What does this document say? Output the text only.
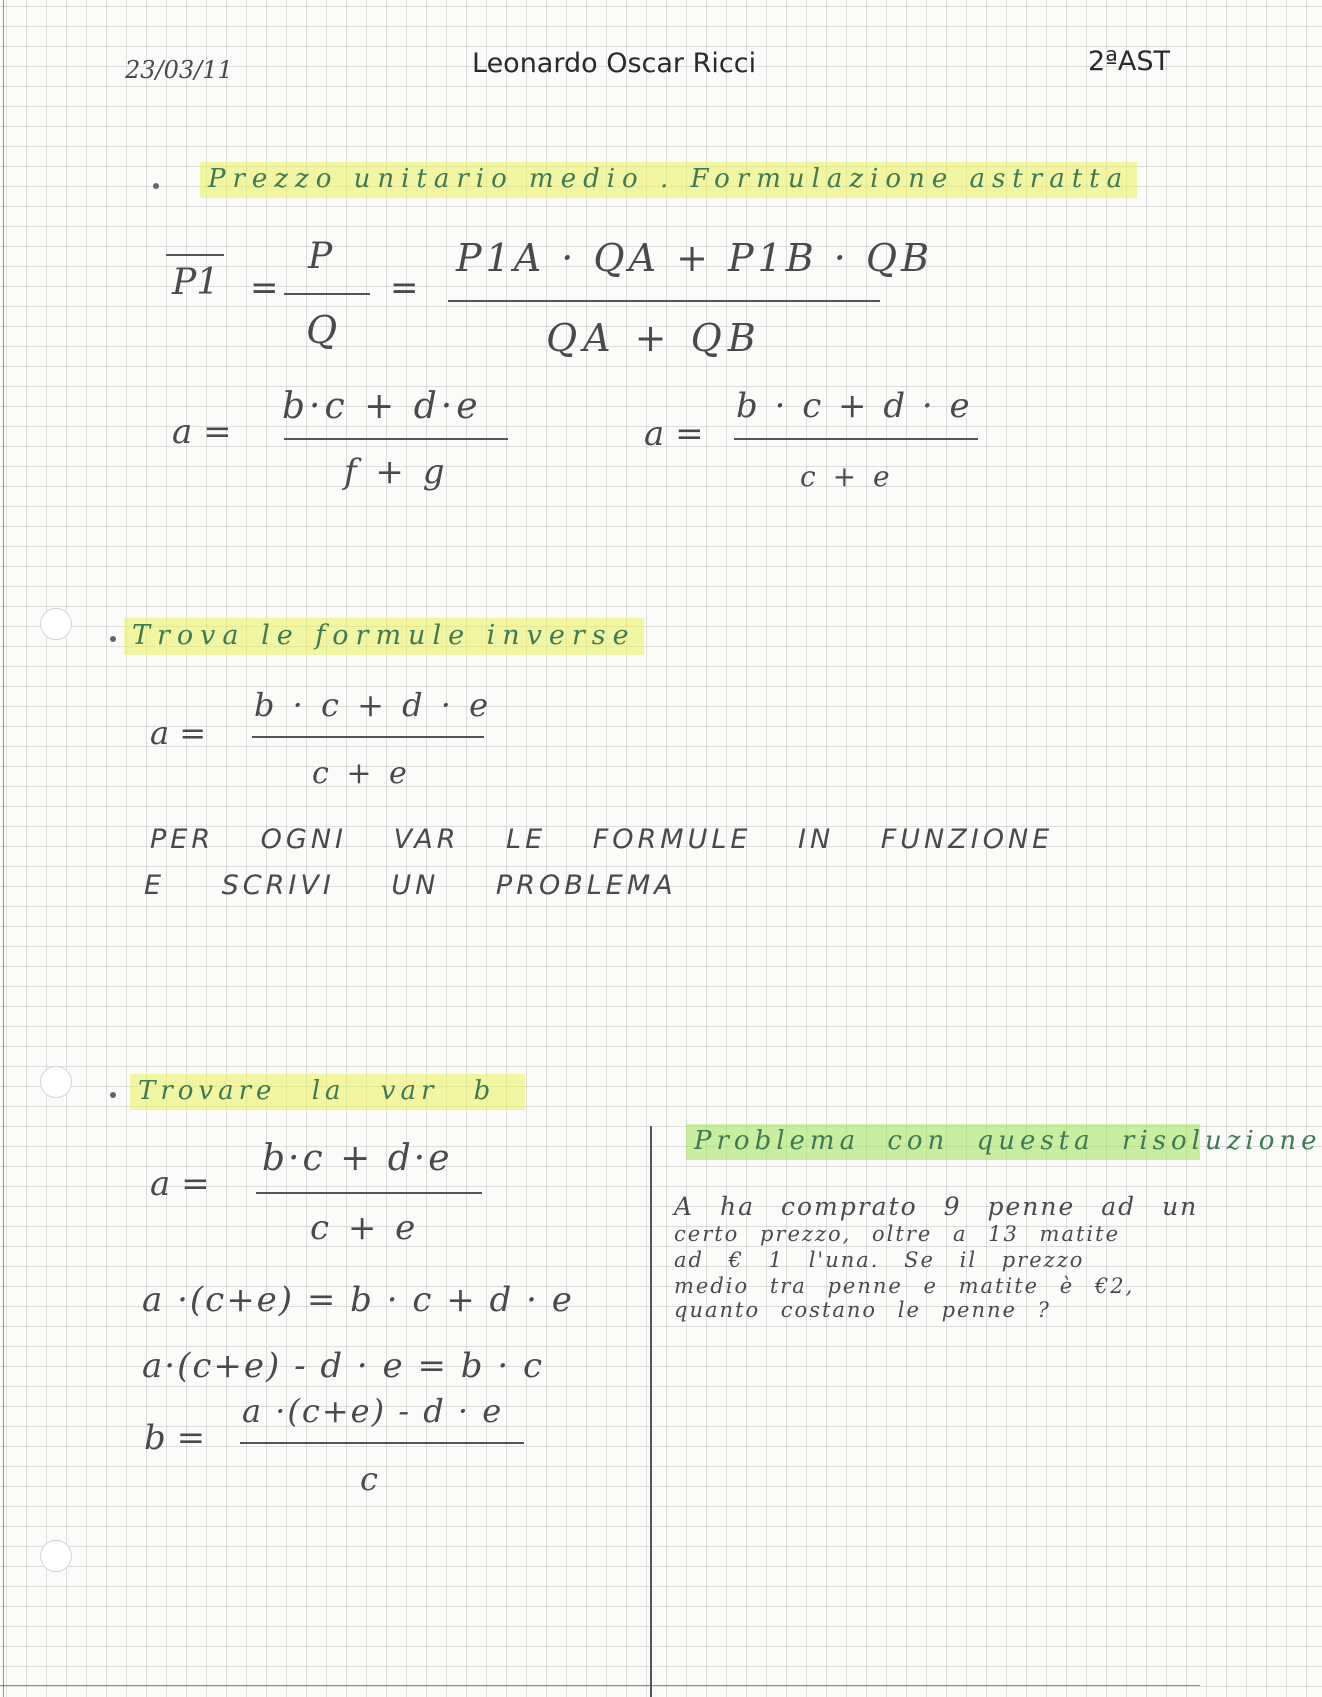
23/03/11	Leonardo Oscar Ricci	2ªAST
Prezzo unitario medio . Formulazione astratta
P1 =
P
Q
=
P1A · QA + P1B · QB
QA + QB
a =
b·c + d·e
f + g
a =
b · c + d · e
c + e
Trova le formule inverse
a =
b · c + d · e
c + e
PER OGNI VAR LE FORMULE IN FUNZIONE
E SCRIVI UN PROBLEMA
Trovare la var b
a =
b·c + d·e
c + e
a ·(c+e) = b · c + d · e
a·(c+e) - d · e = b · c
b =
a ·(c+e) - d · e
c
Problema con questa risoluzione
A ha comprato 9 penne ad un
certo prezzo, oltre a 13 matite
ad € 1 l'una. Se il prezzo
medio tra penne e matite è €2,
quanto costano le penne ?
